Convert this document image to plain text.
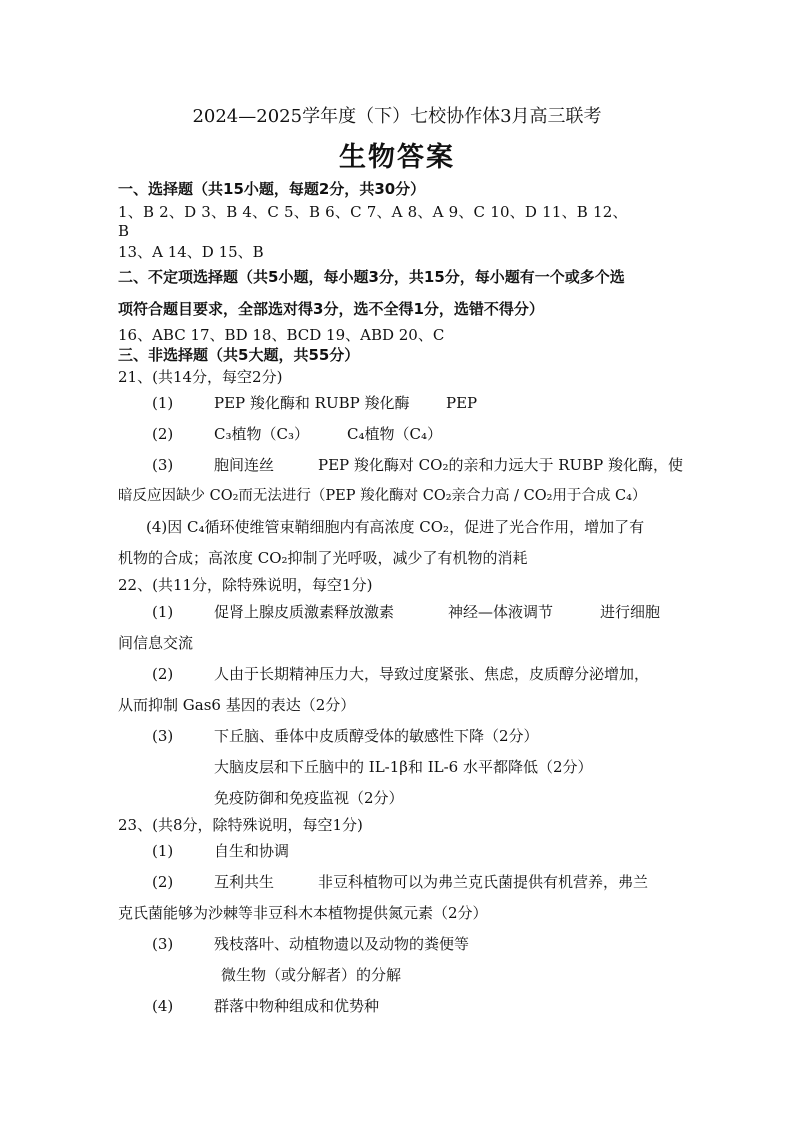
2024—2025学年度（下）七校协作体3月高三联考
生物答案
一、选择题（共15小题，每题2分，共30分）
1、B 2、D 3、B 4、C 5、B 6、C 7、A 8、A 9、C 10、D 11、B 12、
B
13、A 14、D 15、B
二、不定项选择题（共5小题，每小题3分，共15分，每小题有一个或多个选
项符合题目要求，全部选对得3分，选不全得1分，选错不得分）
16、ABC 17、BD 18、BCD 19、ABD 20、C
三、非选择题（共5大题，共55分）
21、(共14分，每空2分)
(1)	PEP 羧化酶和 RUBP 羧化酶 PEP
(2)	C₃植物（C₃）	C₄植物（C₄）
(3)	胞间连丝	PEP 羧化酶对 CO₂的亲和力远大于 RUBP 羧化酶，使
暗反应因缺少 CO₂而无法进行（PEP 羧化酶对 CO₂亲合力高 / CO₂用于合成 C₄）
(4)因 C₄循环使维管束鞘细胞内有高浓度 CO₂，促进了光合作用，增加了有
机物的合成；高浓度 CO₂抑制了光呼吸，减少了有机物的消耗
22、(共11分，除特殊说明，每空1分)
(1)	促肾上腺皮质激素释放激素	神经—体液调节	进行细胞
间信息交流
(2)	人由于长期精神压力大，导致过度紧张、焦虑，皮质醇分泌增加，
从而抑制 Gas6 基因的表达（2分）
(3)	下丘脑、垂体中皮质醇受体的敏感性下降（2分）
大脑皮层和下丘脑中的 IL-1β和 IL-6 水平都降低（2分）
免疫防御和免疫监视（2分）
23、(共8分，除特殊说明，每空1分)
(1)	自生和协调
(2)	互利共生	非豆科植物可以为弗兰克氏菌提供有机营养，弗兰
克氏菌能够为沙棘等非豆科木本植物提供氮元素（2分）
(3)	残枝落叶、动植物遗以及动物的粪便等
微生物（或分解者）的分解
(4)	群落中物种组成和优势种
